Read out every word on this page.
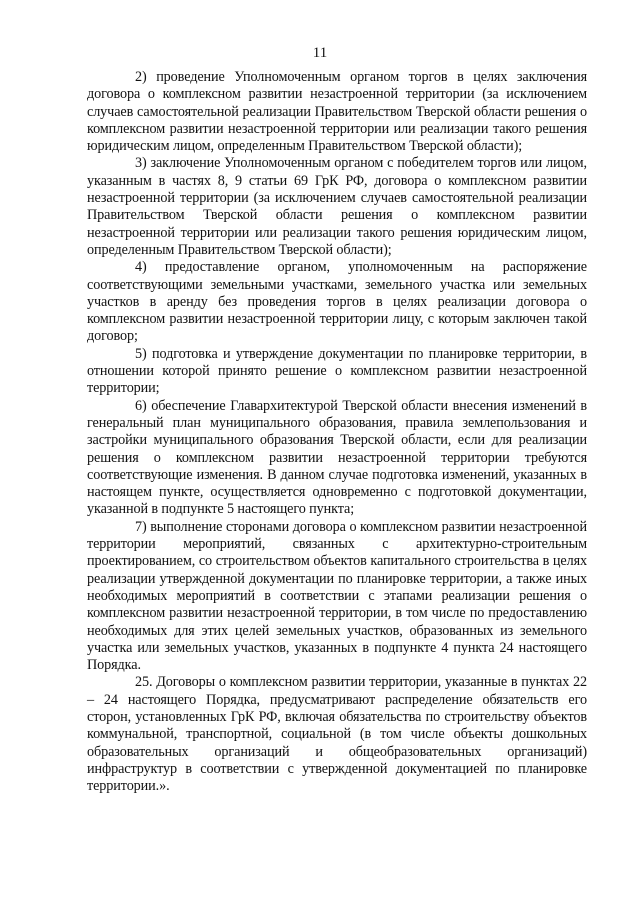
11

2) проведение Уполномоченным органом торгов в целях заключения договора о комплексном развитии незастроенной территории (за исключением случаев самостоятельной реализации Правительством Тверской области решения о комплексном развитии незастроенной территории или реализации такого решения юридическим лицом, определенным Правительством Тверской области);

3) заключение Уполномоченным органом с победителем торгов или лицом, указанным в частях 8, 9 статьи 69 ГрК РФ, договора о комплексном развитии незастроенной территории (за исключением случаев самостоятельной реализации Правительством Тверской области решения о комплексном развитии незастроенной территории или реализации такого решения юридическим лицом, определенным Правительством Тверской области);

4) предоставление органом, уполномоченным на распоряжение соответствующими земельными участками, земельного участка или земельных участков в аренду без проведения торгов в целях реализации договора о комплексном развитии незастроенной территории лицу, с которым заключен такой договор;

5) подготовка и утверждение документации по планировке территории, в отношении которой принято решение о комплексном развитии незастроенной территории;

6) обеспечение Главархитектурой Тверской области внесения изменений в генеральный план муниципального образования, правила землепользования и застройки муниципального образования Тверской области, если для реализации решения о комплексном развитии незастроенной территории требуются соответствующие изменения. В данном случае подготовка изменений, указанных в настоящем пункте, осуществляется одновременно с подготовкой документации, указанной в подпункте 5 настоящего пункта;

7) выполнение сторонами договора о комплексном развитии незастроенной территории мероприятий, связанных с архитектурно-строительным проектированием, со строительством объектов капитального строительства в целях реализации утвержденной документации по планировке территории, а также иных необходимых мероприятий в соответствии с этапами реализации решения о комплексном развитии незастроенной территории, в том числе по предоставлению необходимых для этих целей земельных участков, образованных из земельного участка или земельных участков, указанных в подпункте 4 пункта 24 настоящего Порядка.

25. Договоры о комплексном развитии территории, указанные в пунктах 22 – 24 настоящего Порядка, предусматривают распределение обязательств его сторон, установленных ГрК РФ, включая обязательства по строительству объектов коммунальной, транспортной, социальной (в том числе объекты дошкольных образовательных организаций и общеобразовательных организаций) инфраструктур в соответствии с утвержденной документацией по планировке территории.».
